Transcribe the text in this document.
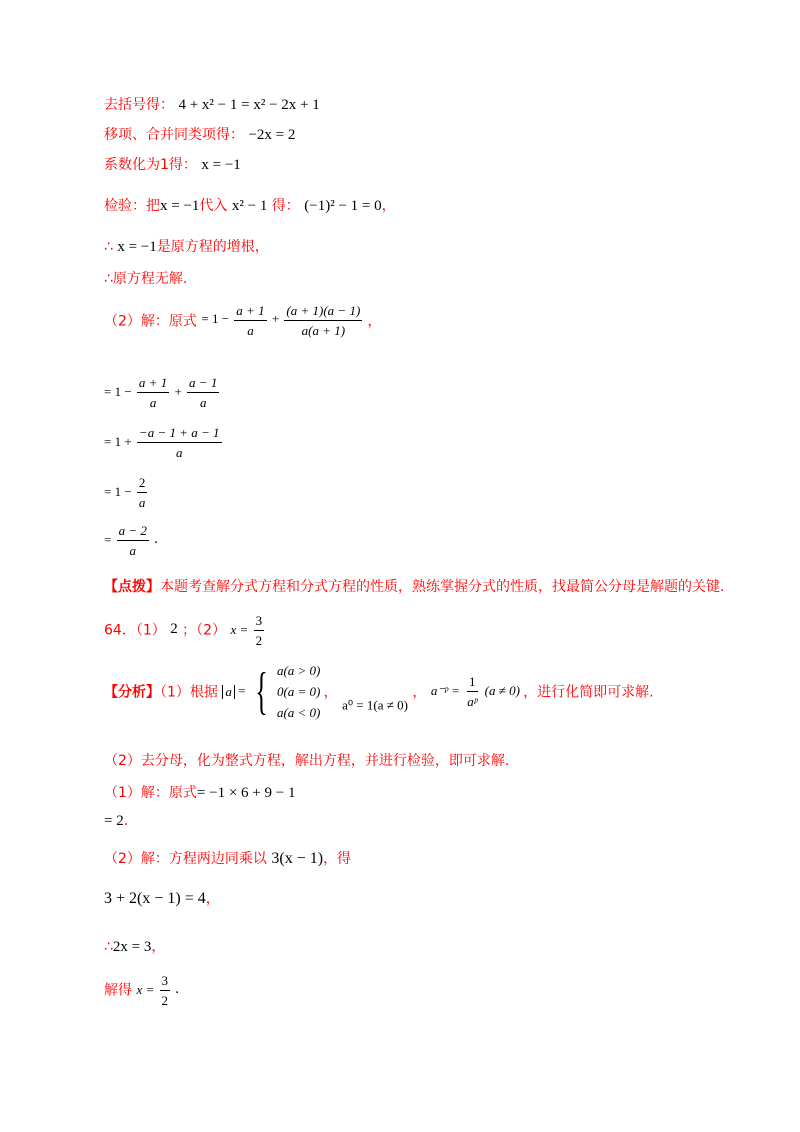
去括号得： 4 + x² − 1 = x² − 2x + 1
移项、合并同类项得： −2x = 2
系数化为1得： x = −1
检验：把x = −1代入 x² − 1 得： (−1)² − 1 = 0，
∴ x = −1是原方程的增根，
∴原方程无解.
（2）解：原式 = $1 - \frac{a + 1}{a} + \frac{(a + 1)(a - 1)}{a(a + 1)}$ ，
= $1 - \frac{a + 1}{a} + \frac{a - 1}{a}$
= $1 + \frac{-a - 1 + a - 1}{a}$
= $1 - \frac{2}{a}$
= $\frac{a - 2}{a}$ .
【点拨】本题考查解分式方程和分式方程的性质，熟练掌握分式的性质，找最简公分母是解题的关键.
64．（1） 2 ；（2） $x = \frac{3}{2}$
【分析】（1）根据 a = { a(a > 0)
0(a = 0)
a(a < 0)
， a⁰ = 1(a ≠ 0) ， a⁻ᵖ = $\frac{1}{\text{aᵖ}} (a \ne 0)$ ，进行化简即可求解.
（2）去分母，化为整式方程，解出方程，并进行检验，即可求解.
（1）解：原式= −1 × 6 + 9 − 1
= 2.
（2）解：方程两边同乘以 3(x − 1)，得
3 + 2(x − 1) = 4，
∴2x = 3，
解得 $x = \frac{3}{2}$ .
